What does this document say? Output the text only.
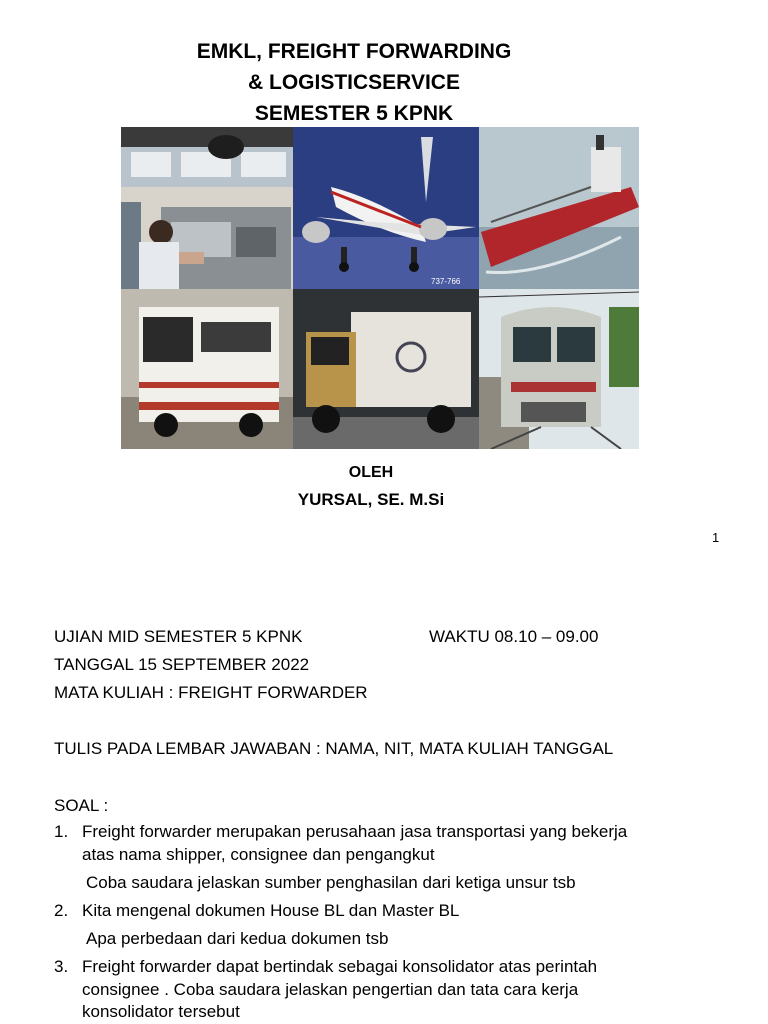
EMKL, FREIGHT FORWARDING
& LOGISTICSERVICE
SEMESTER 5 KPNK
737-766
OLEH
YURSAL, SE. M.Si
1
UJIAN MID SEMESTER 5 KPNK	WAKTU 08.10 – 09.00
TANGGAL 15 SEPTEMBER 2022
MATA KULIAH : FREIGHT FORWARDER
TULIS PADA LEMBAR JAWABAN : NAMA, NIT, MATA KULIAH TANGGAL
SOAL :
1. Freight forwarder merupakan perusahaan jasa transportasi yang bekerja
atas nama shipper, consignee dan pengangkut
Coba saudara jelaskan sumber penghasilan dari ketiga unsur tsb
2. Kita mengenal dokumen House BL dan Master BL
Apa perbedaan dari kedua dokumen tsb
3. Freight forwarder dapat bertindak sebagai konsolidator atas perintah
consignee . Coba saudara jelaskan pengertian dan tata cara kerja
konsolidator tersebut
